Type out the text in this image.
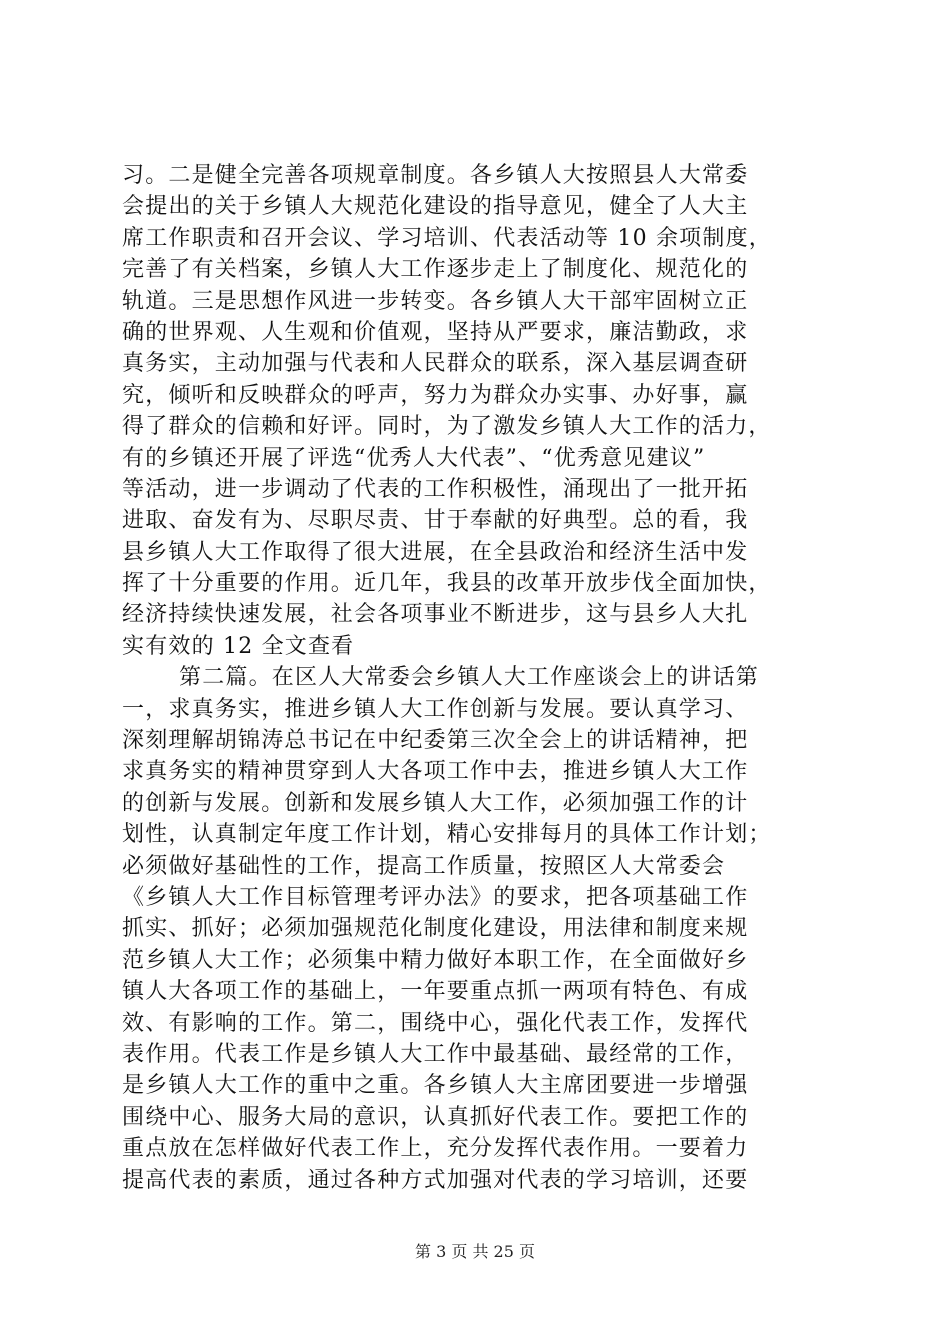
习。二是健全完善各项规章制度。各乡镇人大按照县人大常委
会提出的关于乡镇人大规范化建设的指导意见，健全了人大主
席工作职责和召开会议、学习培训、代表活动等 10 余项制度，
完善了有关档案，乡镇人大工作逐步走上了制度化、规范化的
轨道。三是思想作风进一步转变。各乡镇人大干部牢固树立正
确的世界观、人生观和价值观，坚持从严要求，廉洁勤政，求
真务实，主动加强与代表和人民群众的联系，深入基层调查研
究，倾听和反映群众的呼声，努力为群众办实事、办好事，赢
得了群众的信赖和好评。同时，为了激发乡镇人大工作的活力，
有的乡镇还开展了评选“优秀人大代表”、“优秀意见建议”
等活动，进一步调动了代表的工作积极性，涌现出了一批开拓
进取、奋发有为、尽职尽责、甘于奉献的好典型。总的看，我
县乡镇人大工作取得了很大进展，在全县政治和经济生活中发
挥了十分重要的作用。近几年，我县的改革开放步伐全面加快，
经济持续快速发展，社会各项事业不断进步，这与县乡人大扎
实有效的 12 全文查看
第二篇。在区人大常委会乡镇人大工作座谈会上的讲话第
一，求真务实，推进乡镇人大工作创新与发展。要认真学习、
深刻理解胡锦涛总书记在中纪委第三次全会上的讲话精神，把
求真务实的精神贯穿到人大各项工作中去，推进乡镇人大工作
的创新与发展。创新和发展乡镇人大工作，必须加强工作的计
划性，认真制定年度工作计划，精心安排每月的具体工作计划；
必须做好基础性的工作，提高工作质量，按照区人大常委会
《乡镇人大工作目标管理考评办法》的要求，把各项基础工作
抓实、抓好；必须加强规范化制度化建设，用法律和制度来规
范乡镇人大工作；必须集中精力做好本职工作，在全面做好乡
镇人大各项工作的基础上，一年要重点抓一两项有特色、有成
效、有影响的工作。第二，围绕中心，强化代表工作，发挥代
表作用。代表工作是乡镇人大工作中最基础、最经常的工作，
是乡镇人大工作的重中之重。各乡镇人大主席团要进一步增强
围绕中心、服务大局的意识，认真抓好代表工作。要把工作的
重点放在怎样做好代表工作上，充分发挥代表作用。一要着力
提高代表的素质，通过各种方式加强对代表的学习培训，还要
第 3 页 共 25 页
